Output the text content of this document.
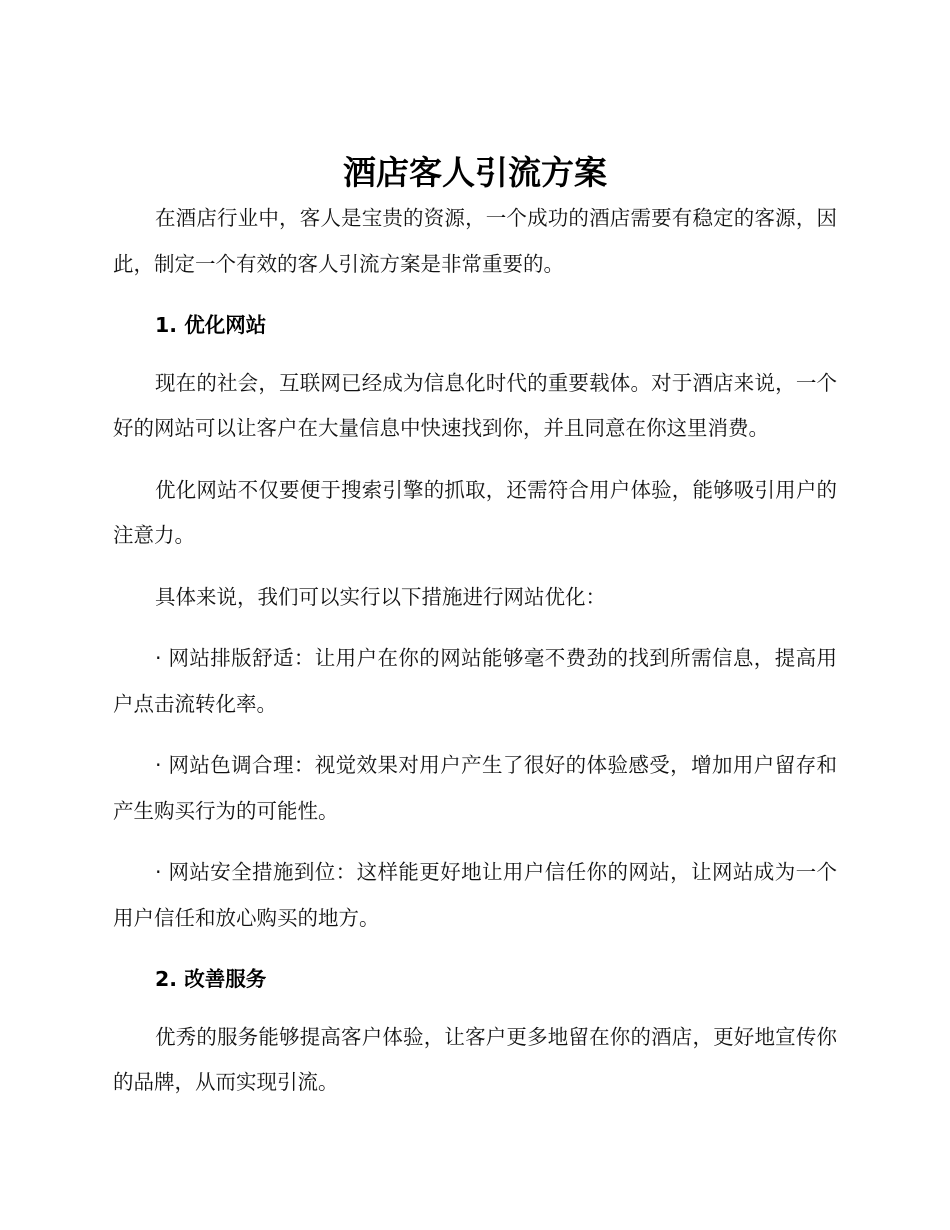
酒店客人引流方案

在酒店行业中，客人是宝贵的资源，一个成功的酒店需要有稳定的客源，因此，制定一个有效的客人引流方案是非常重要的。

1. 优化网站

现在的社会，互联网已经成为信息化时代的重要载体。对于酒店来说，一个好的网站可以让客户在大量信息中快速找到你，并且同意在你这里消费。

优化网站不仅要便于搜索引擎的抓取，还需符合用户体验，能够吸引用户的注意力。

具体来说，我们可以实行以下措施进行网站优化：

· 网站排版舒适：让用户在你的网站能够毫不费劲的找到所需信息，提高用户点击流转化率。

· 网站色调合理：视觉效果对用户产生了很好的体验感受，增加用户留存和产生购买行为的可能性。

· 网站安全措施到位：这样能更好地让用户信任你的网站，让网站成为一个用户信任和放心购买的地方。

2. 改善服务

优秀的服务能够提高客户体验，让客户更多地留在你的酒店，更好地宣传你的品牌，从而实现引流。
